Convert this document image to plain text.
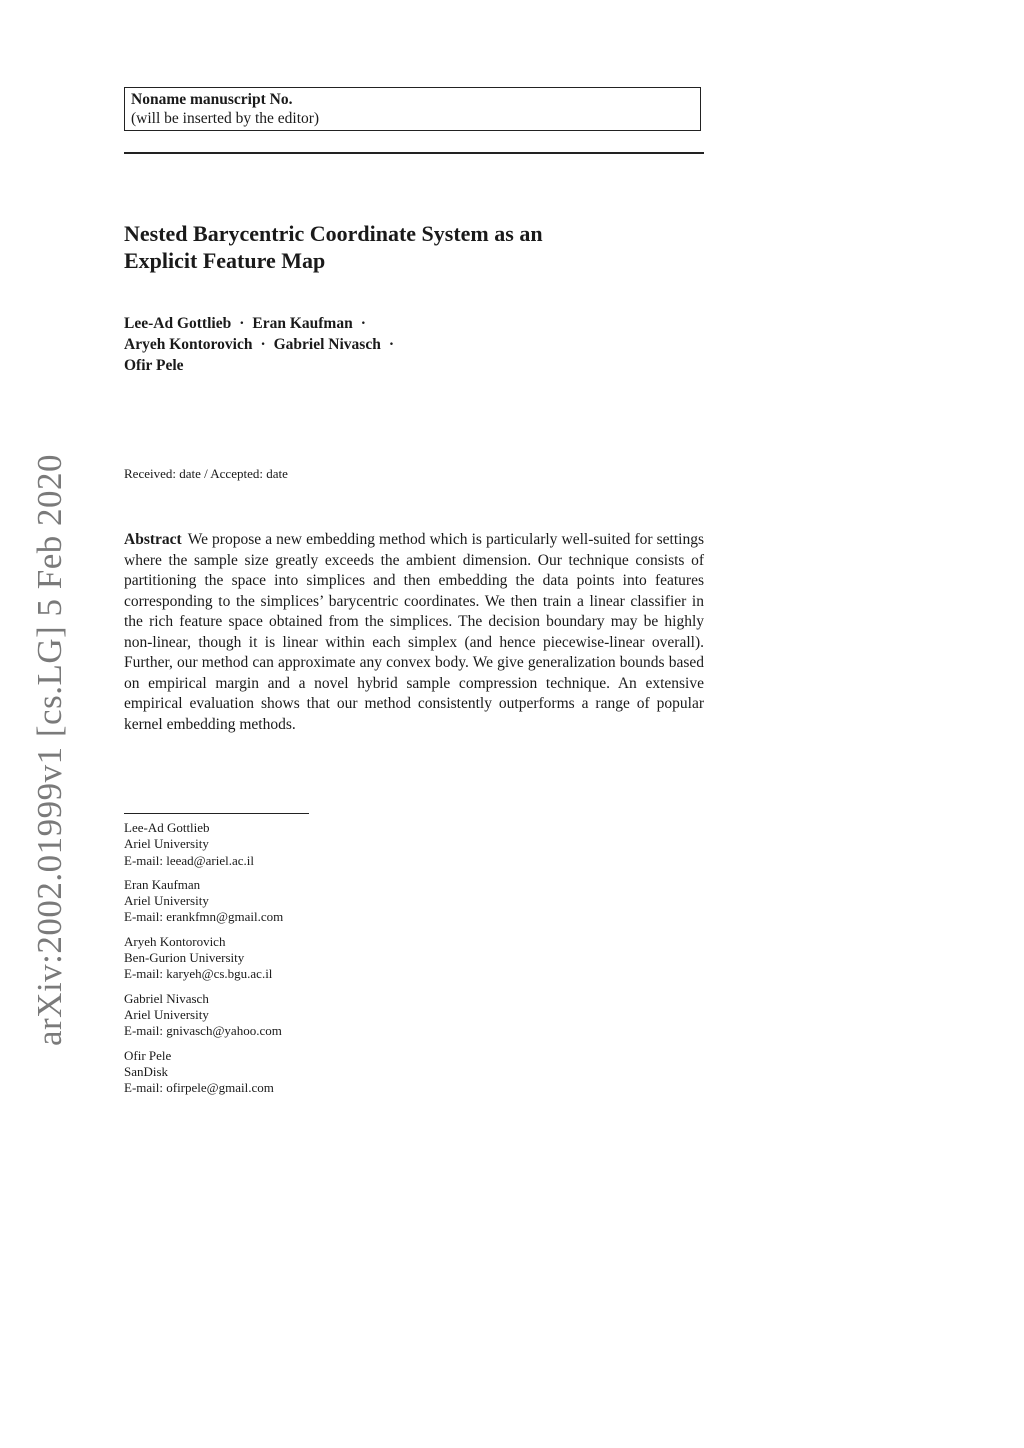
arXiv:2002.01999v1 [cs.LG] 5 Feb 2020
Noname manuscript No.
(will be inserted by the editor)
Nested Barycentric Coordinate System as an
Explicit Feature Map
Lee-Ad Gottlieb · Eran Kaufman ·
Aryeh Kontorovich · Gabriel Nivasch ·
Ofir Pele
Received: date / Accepted: date

Abstract We propose a new embedding method which is particularly well-suited for settings where the sample size greatly exceeds the ambient dimension. Our technique consists of partitioning the space into simplices and then embedding the data points into features corresponding to the simplices’ barycentric coordinates. We then train a linear classifier in the rich feature space obtained from the simplices. The decision boundary may be highly non-linear, though it is linear within each simplex (and hence piecewise-linear overall). Further, our method can approximate any convex body. We give generalization bounds based on empirical margin and a novel hybrid sample compression technique. An extensive empirical evaluation shows that our method consistently outperforms a range of popular kernel embedding methods.

Lee-Ad Gottlieb
Ariel University
E-mail: leead@ariel.ac.il
Eran Kaufman
Ariel University
E-mail: erankfmn@gmail.com
Aryeh Kontorovich
Ben-Gurion University
E-mail: karyeh@cs.bgu.ac.il
Gabriel Nivasch
Ariel University
E-mail: gnivasch@yahoo.com
Ofir Pele
SanDisk
E-mail: ofirpele@gmail.com
